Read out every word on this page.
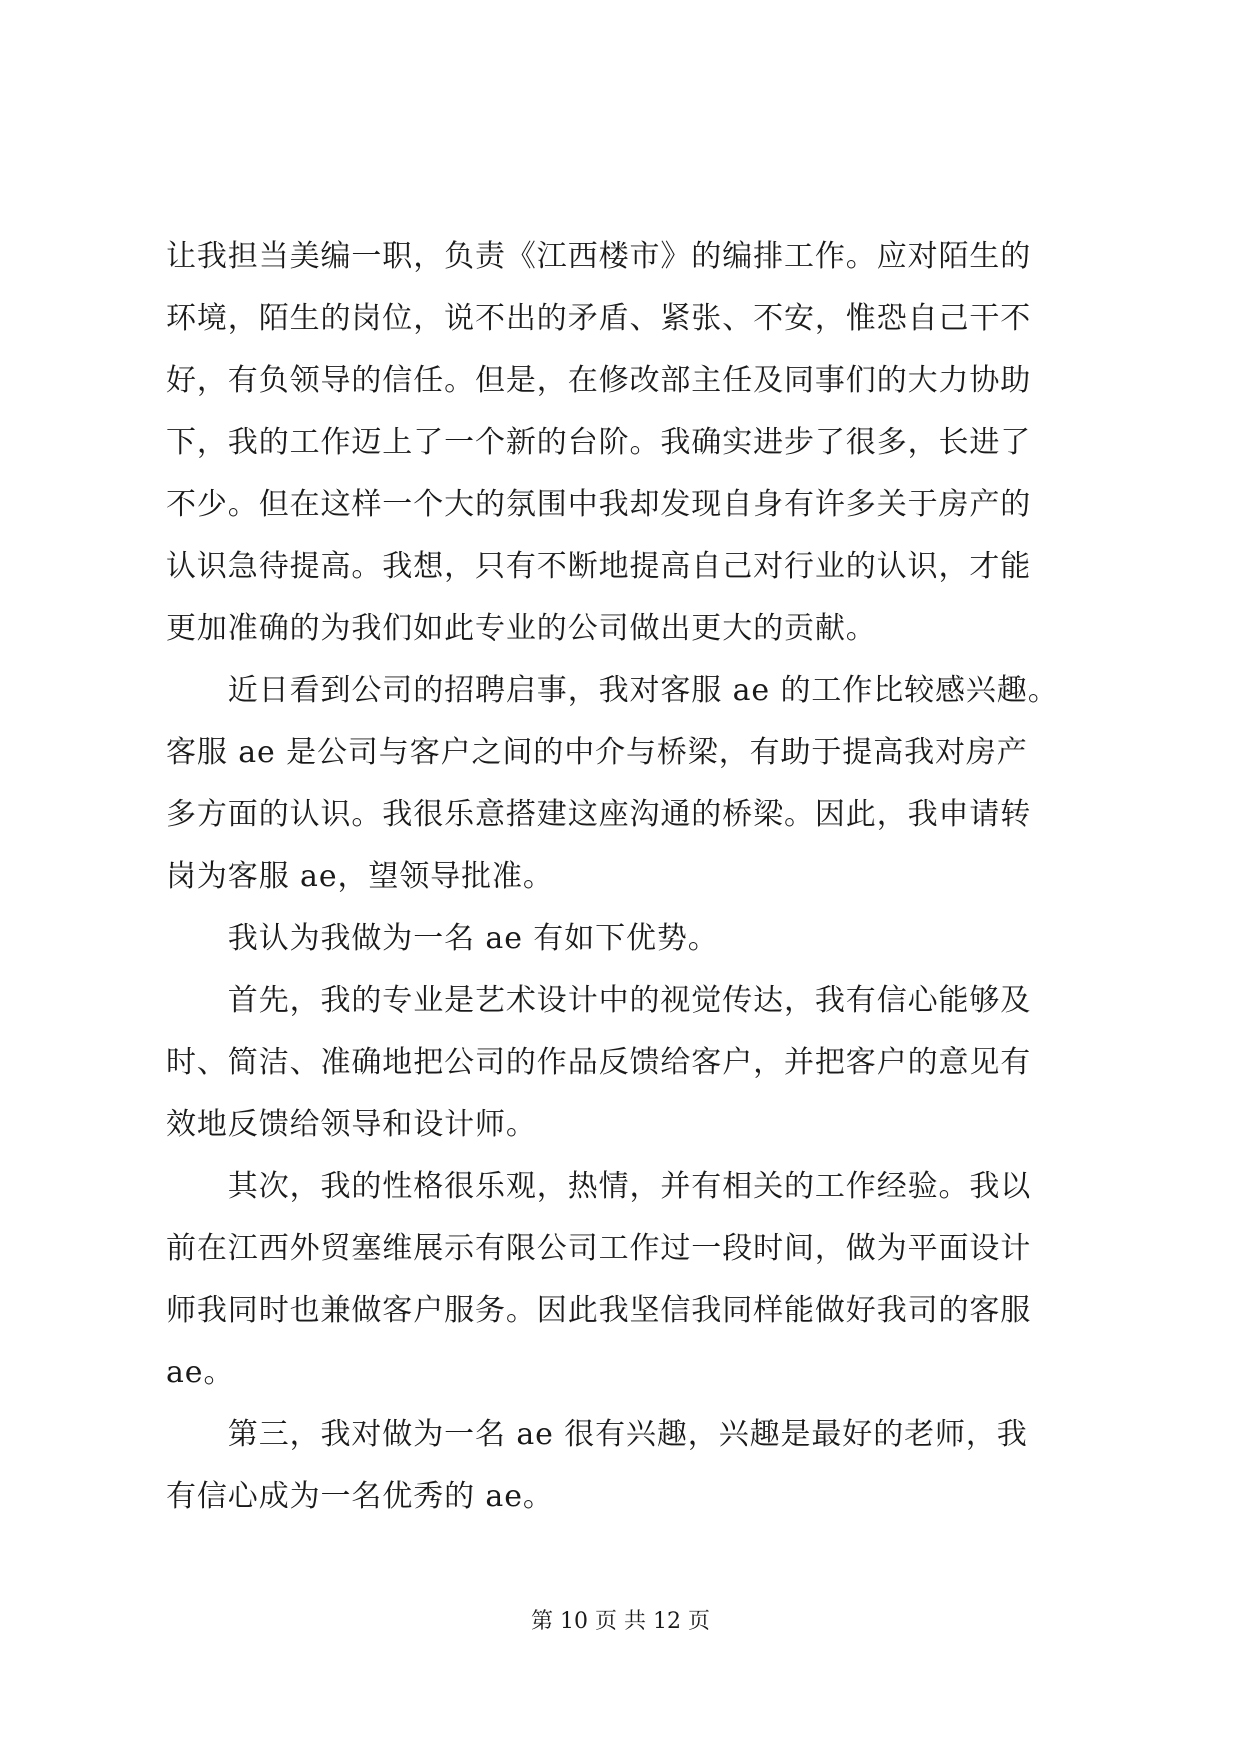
让我担当美编一职，负责《江西楼市》的编排工作。应对陌生的
环境，陌生的岗位，说不出的矛盾、紧张、不安，惟恐自己干不
好，有负领导的信任。但是，在修改部主任及同事们的大力协助
下，我的工作迈上了一个新的台阶。我确实进步了很多，长进了
不少。但在这样一个大的氛围中我却发现自身有许多关于房产的
认识急待提高。我想，只有不断地提高自己对行业的认识，才能
更加准确的为我们如此专业的公司做出更大的贡献。
　　近日看到公司的招聘启事，我对客服 ae 的工作比较感兴趣。
客服 ae 是公司与客户之间的中介与桥梁，有助于提高我对房产
多方面的认识。我很乐意搭建这座沟通的桥梁。因此，我申请转
岗为客服 ae，望领导批准。
　　我认为我做为一名 ae 有如下优势。
　　首先，我的专业是艺术设计中的视觉传达，我有信心能够及
时、简洁、准确地把公司的作品反馈给客户，并把客户的意见有
效地反馈给领导和设计师。
　　其次，我的性格很乐观，热情，并有相关的工作经验。我以
前在江西外贸塞维展示有限公司工作过一段时间，做为平面设计
师我同时也兼做客户服务。因此我坚信我同样能做好我司的客服
ae。
　　第三，我对做为一名 ae 很有兴趣，兴趣是最好的老师，我
有信心成为一名优秀的 ae。
第 10 页 共 12 页
